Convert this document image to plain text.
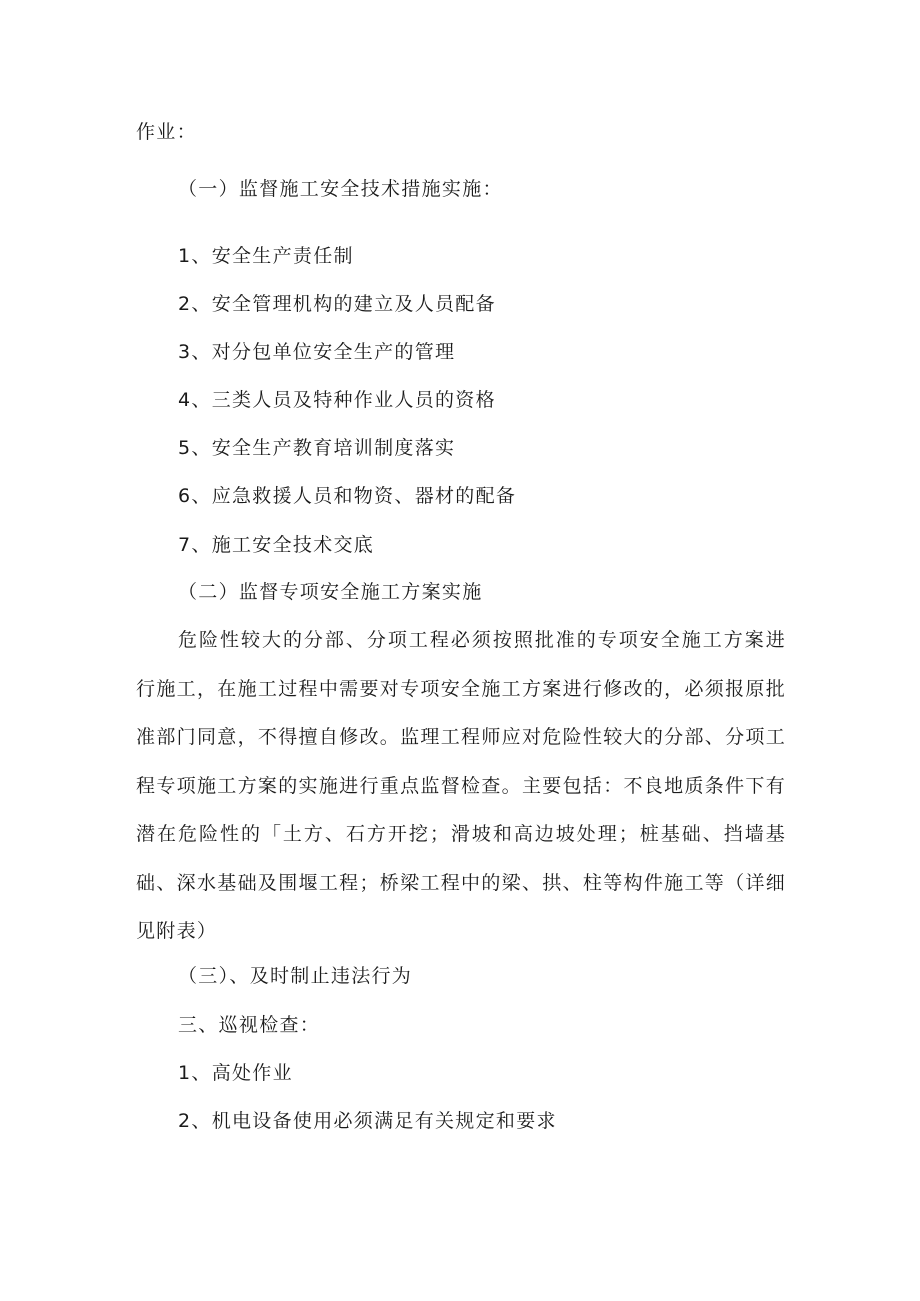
作业：
（一）监督施工安全技术措施实施：
1、安全生产责任制
2、安全管理机构的建立及人员配备
3、对分包单位安全生产的管理
4、三类人员及特种作业人员的资格
5、安全生产教育培训制度落实
6、应急救援人员和物资、器材的配备
7、施工安全技术交底
（二）监督专项安全施工方案实施
危险性较大的分部、分项工程必须按照批准的专项安全施工方案进行施工，在施工过程中需要对专项安全施工方案进行修改的，必须报原批准部门同意，不得擅自修改。监理工程师应对危险性较大的分部、分项工程专项施工方案的实施进行重点监督检查。主要包括：不良地质条件下有潜在危险性的「土方、石方开挖；滑坡和高边坡处理；桩基础、挡墙基础、深水基础及围堰工程；桥梁工程中的梁、拱、柱等构件施工等（详细见附表）
（三）、及时制止违法行为
三、巡视检查：
1、高处作业
2、机电设备使用必须满足有关规定和要求
